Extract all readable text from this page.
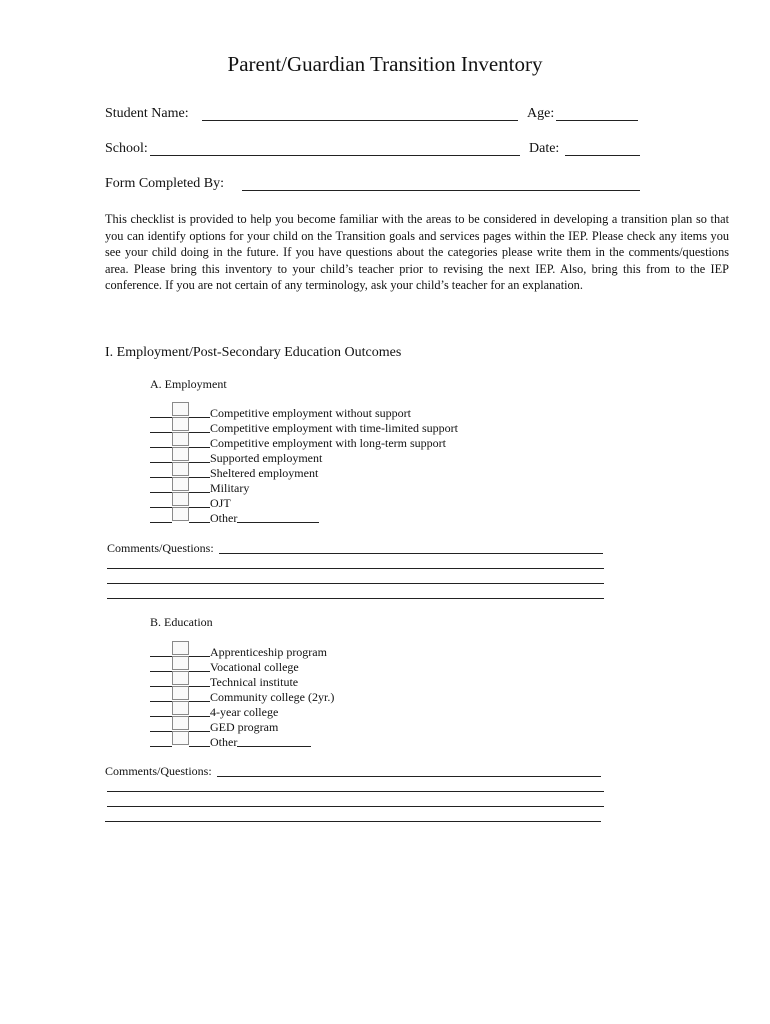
Parent/Guardian Transition Inventory
Student Name:	Age:
School:	Date:
Form Completed By:
This checklist is provided to help you become familiar with the areas to be considered in developing a transition plan so that you can identify options for your child on the Transition goals and services pages within the IEP. Please check any items you see your child doing in the future. If you have questions about the categories please write them in the comments/questions area. Please bring this inventory to your child’s teacher prior to revising the next IEP. Also, bring this from to the IEP conference. If you are not certain of any terminology, ask your child’s teacher for an explanation.
I. Employment/Post-Secondary Education Outcomes
A. Employment
Competitive employment without support
Competitive employment with time-limited support
Competitive employment with long-term support
Supported employment
Sheltered employment
Military
OJT
Other
Comments/Questions:
B. Education
Apprenticeship program
Vocational college
Technical institute
Community college (2yr.)
4-year college
GED program
Other
Comments/Questions:
